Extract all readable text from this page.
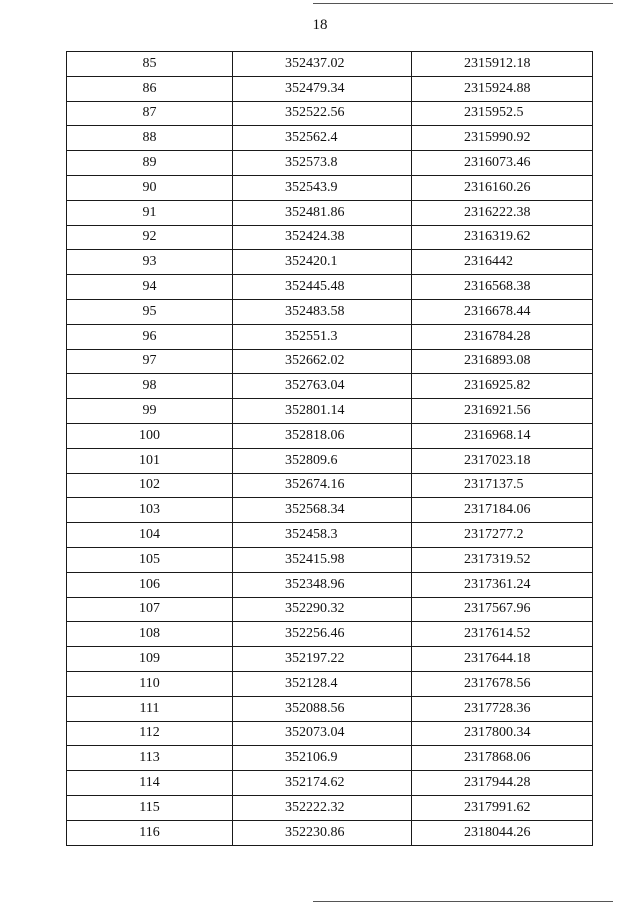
18
85	352437.02	2315912.18
86	352479.34	2315924.88
87	352522.56	2315952.5
88	352562.4	2315990.92
89	352573.8	2316073.46
90	352543.9	2316160.26
91	352481.86	2316222.38
92	352424.38	2316319.62
93	352420.1	2316442
94	352445.48	2316568.38
95	352483.58	2316678.44
96	352551.3	2316784.28
97	352662.02	2316893.08
98	352763.04	2316925.82
99	352801.14	2316921.56
100	352818.06	2316968.14
101	352809.6	2317023.18
102	352674.16	2317137.5
103	352568.34	2317184.06
104	352458.3	2317277.2
105	352415.98	2317319.52
106	352348.96	2317361.24
107	352290.32	2317567.96
108	352256.46	2317614.52
109	352197.22	2317644.18
110	352128.4	2317678.56
111	352088.56	2317728.36
112	352073.04	2317800.34
113	352106.9	2317868.06
114	352174.62	2317944.28
115	352222.32	2317991.62
116	352230.86	2318044.26
